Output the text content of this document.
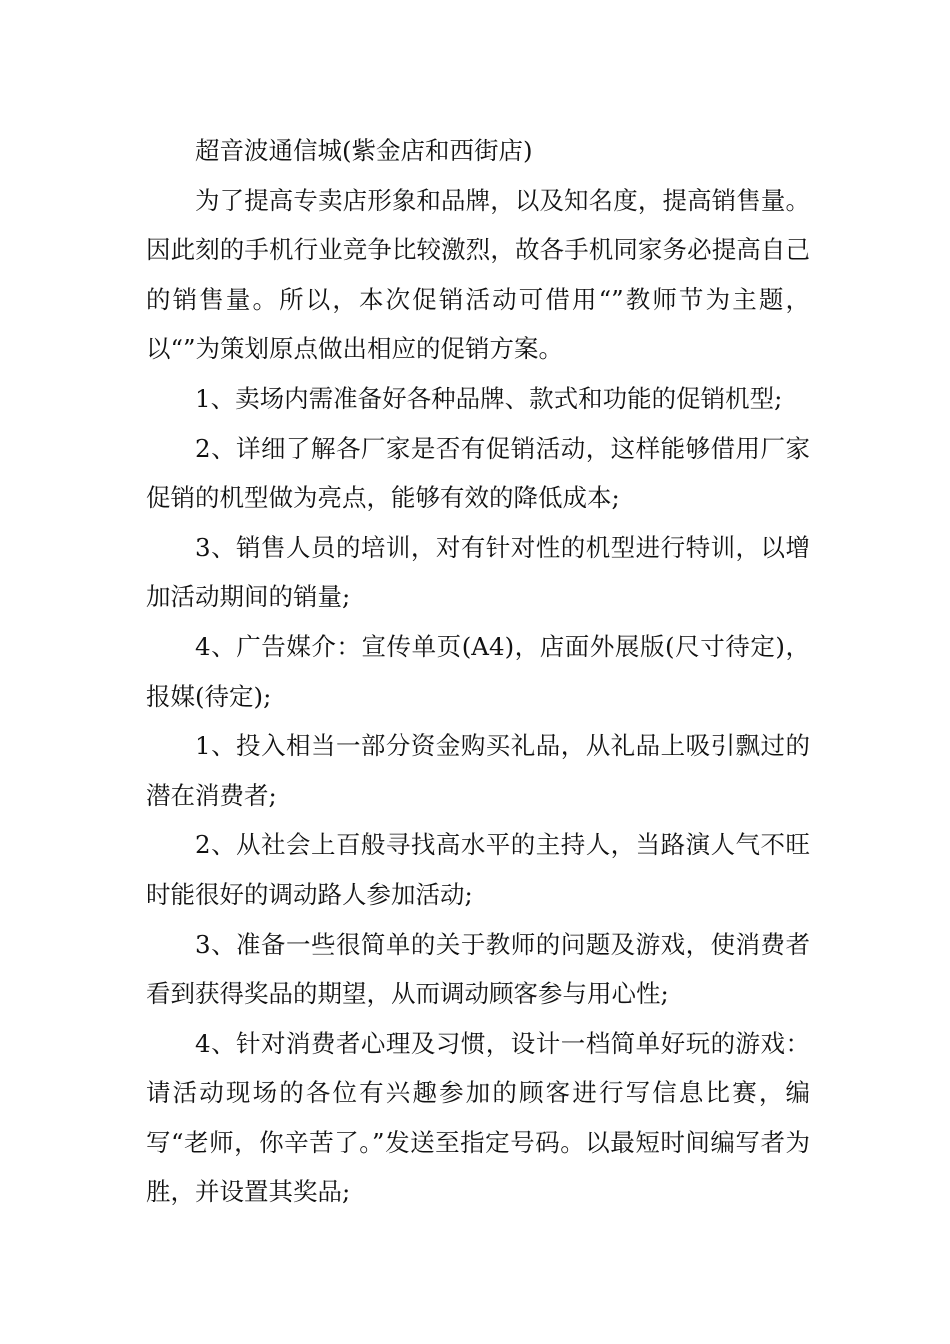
超音波通信城(紫金店和西街店)

为了提高专卖店形象和品牌，以及知名度，提高销售量。因此刻的手机行业竞争比较激烈，故各手机同家务必提高自己的销售量。所以，本次促销活动可借用“”教师节为主题，以“”为策划原点做出相应的促销方案。

1、卖场内需准备好各种品牌、款式和功能的促销机型;

2、详细了解各厂家是否有促销活动，这样能够借用厂家促销的机型做为亮点，能够有效的降低成本;

3、销售人员的培训，对有针对性的机型进行特训，以增加活动期间的销量;

4、广告媒介：宣传单页(A4)，店面外展版(尺寸待定)，报媒(待定);

1、投入相当一部分资金购买礼品，从礼品上吸引飘过的潜在消费者;

2、从社会上百般寻找高水平的主持人，当路演人气不旺时能很好的调动路人参加活动;

3、准备一些很简单的关于教师的问题及游戏，使消费者看到获得奖品的期望，从而调动顾客参与用心性;

4、针对消费者心理及习惯，设计一档简单好玩的游戏：请活动现场的各位有兴趣参加的顾客进行写信息比赛，编写“老师，你辛苦了。”发送至指定号码。以最短时间编写者为胜，并设置其奖品;
